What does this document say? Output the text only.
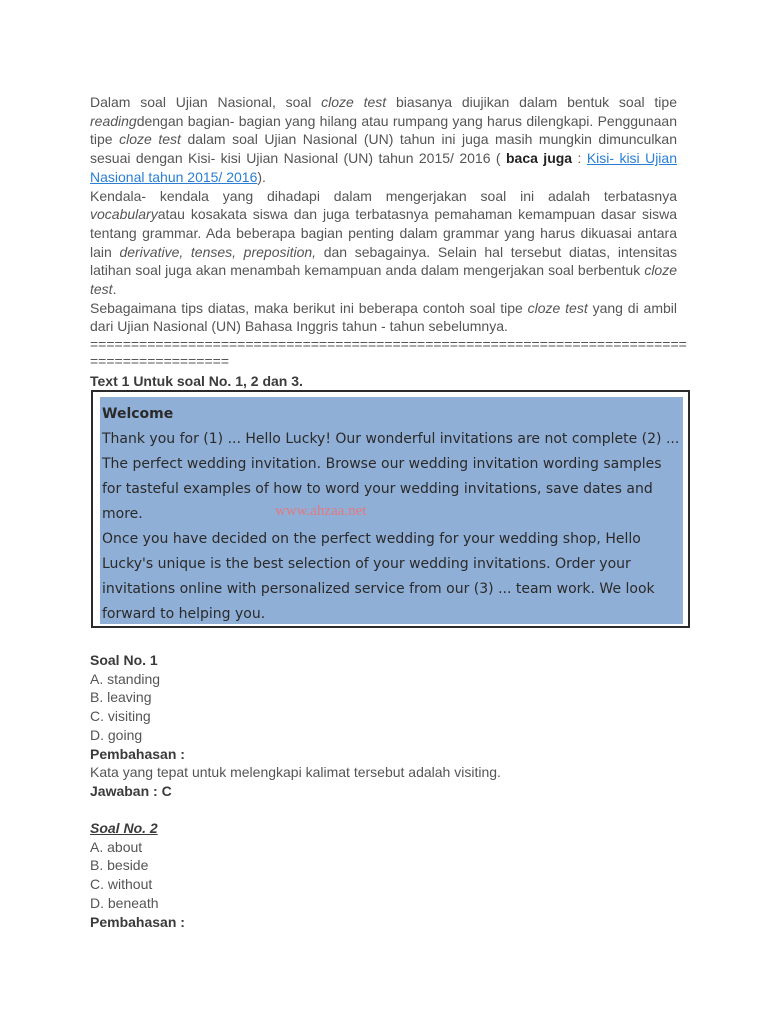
Dalam soal Ujian Nasional, soal cloze test biasanya diujikan dalam bentuk soal tipe readingdengan bagian- bagian yang hilang atau rumpang yang harus dilengkapi. Penggunaan tipe cloze test dalam soal Ujian Nasional (UN) tahun ini juga masih mungkin dimunculkan sesuai dengan Kisi- kisi Ujian Nasional (UN) tahun 2015/ 2016 ( baca juga : Kisi- kisi Ujian Nasional tahun 2015/ 2016).

Kendala- kendala yang dihadapi dalam mengerjakan soal ini adalah terbatasnya vocabularyatau kosakata siswa dan juga terbatasnya pemahaman kemampuan dasar siswa tentang grammar. Ada beberapa bagian penting dalam grammar yang harus dikuasai antara lain derivative, tenses, preposition, dan sebagainya. Selain hal tersebut diatas, intensitas latihan soal juga akan menambah kemampuan anda dalam mengerjakan soal berbentuk cloze test.

Sebagaimana tips diatas, maka berikut ini beberapa contoh soal tipe cloze test yang di ambil dari Ujian Nasional (UN) Bahasa Inggris tahun - tahun sebelumnya.

==========================================================================================
Text 1 Untuk soal No. 1, 2 dan 3.

Welcome

Thank you for (1) ... Hello Lucky! Our wonderful invitations are not complete (2) ... The perfect wedding invitation. Browse our wedding invitation wording samples for tasteful examples of how to word your wedding invitations, save dates and more.

Once you have decided on the perfect wedding for your wedding shop, Hello Lucky's unique is the best selection of your wedding invitations. Order your invitations online with personalized service from our (3) ... team work. We look forward to helping you.

www.ahzaa.net
Soal No. 1
A. standing
B. leaving
C. visiting
D. going
Pembahasan :
Kata yang tepat untuk melengkapi kalimat tersebut adalah visiting.
Jawaban : C
Soal No. 2
A. about
B. beside
C. without
D. beneath
Pembahasan :
